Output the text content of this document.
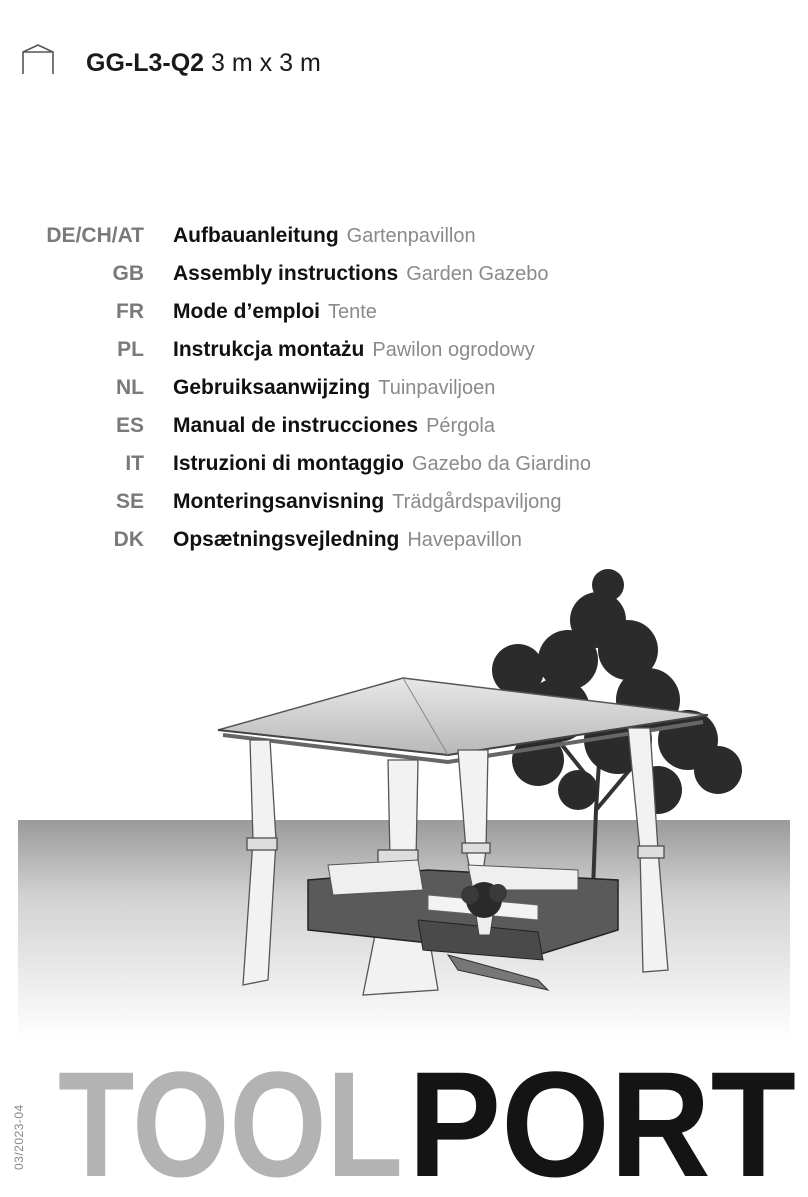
GG-L3-Q2 3 m x 3 m
DE/CH/AT Aufbauanleitung Gartenpavillon
GB Assembly instructions Garden Gazebo
FR Mode d’emploi Tente
PL Instrukcja montażu Pawilon ogrodowy
NL Gebruiksaanwijzing Tuinpaviljoen
ES Manual de instrucciones Pérgola
IT Istruzioni di montaggio Gazebo da Giardino
SE Monteringsanvisning Trädgårdspaviljong
DK Opsætningsvejledning Havepavillon
03/2023-04 TOOL PORT
